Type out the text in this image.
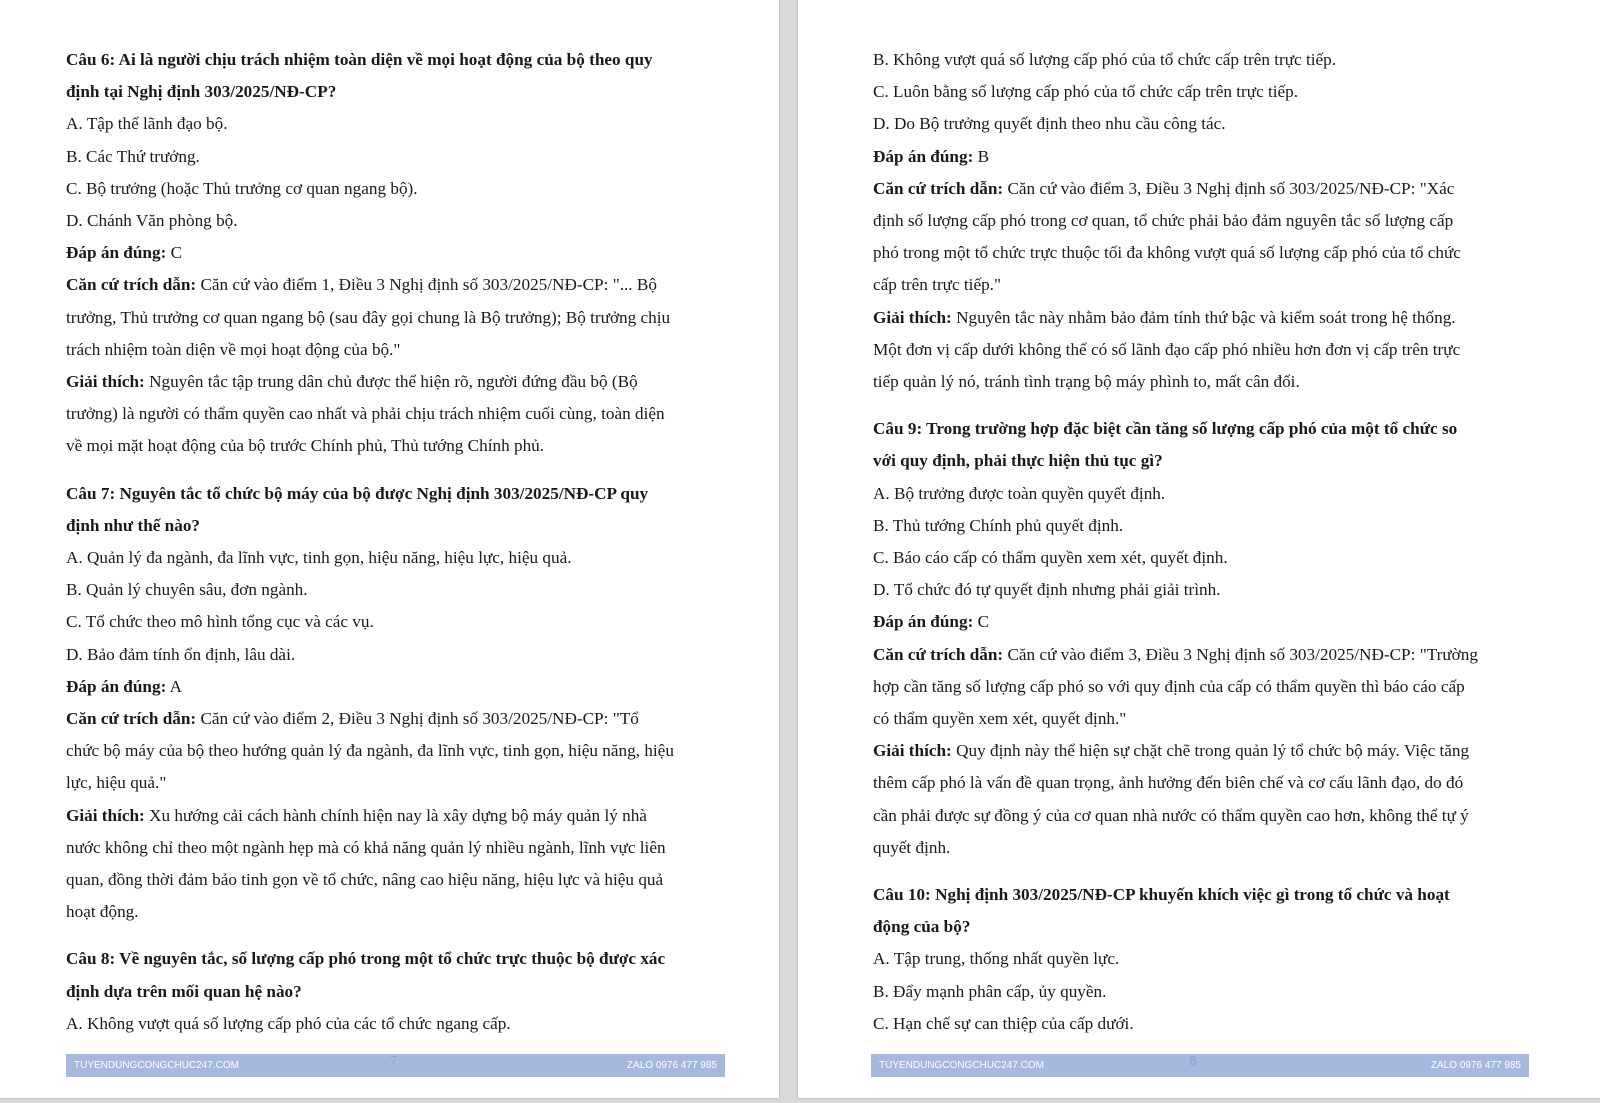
Câu 6: Ai là người chịu trách nhiệm toàn diện về mọi hoạt động của bộ theo quy
định tại Nghị định 303/2025/NĐ-CP?
A. Tập thể lãnh đạo bộ.
B. Các Thứ trưởng.
C. Bộ trưởng (hoặc Thủ trưởng cơ quan ngang bộ).
D. Chánh Văn phòng bộ.
Đáp án đúng: C
Căn cứ trích dẫn: Căn cứ vào điểm 1, Điều 3 Nghị định số 303/2025/NĐ-CP: "... Bộ
trưởng, Thủ trưởng cơ quan ngang bộ (sau đây gọi chung là Bộ trưởng); Bộ trưởng chịu
trách nhiệm toàn diện về mọi hoạt động của bộ."
Giải thích: Nguyên tắc tập trung dân chủ được thể hiện rõ, người đứng đầu bộ (Bộ
trưởng) là người có thẩm quyền cao nhất và phải chịu trách nhiệm cuối cùng, toàn diện
về mọi mặt hoạt động của bộ trước Chính phủ, Thủ tướng Chính phủ.
Câu 7: Nguyên tắc tổ chức bộ máy của bộ được Nghị định 303/2025/NĐ-CP quy
định như thế nào?
A. Quản lý đa ngành, đa lĩnh vực, tinh gọn, hiệu năng, hiệu lực, hiệu quả.
B. Quản lý chuyên sâu, đơn ngành.
C. Tổ chức theo mô hình tổng cục và các vụ.
D. Bảo đảm tính ổn định, lâu dài.
Đáp án đúng: A
Căn cứ trích dẫn: Căn cứ vào điểm 2, Điều 3 Nghị định số 303/2025/NĐ-CP: "Tổ
chức bộ máy của bộ theo hướng quản lý đa ngành, đa lĩnh vực, tinh gọn, hiệu năng, hiệu
lực, hiệu quả."
Giải thích: Xu hướng cải cách hành chính hiện nay là xây dựng bộ máy quản lý nhà
nước không chỉ theo một ngành hẹp mà có khả năng quản lý nhiều ngành, lĩnh vực liên
quan, đồng thời đảm bảo tinh gọn về tổ chức, nâng cao hiệu năng, hiệu lực và hiệu quả
hoạt động.
Câu 8: Về nguyên tắc, số lượng cấp phó trong một tổ chức trực thuộc bộ được xác
định dựa trên mối quan hệ nào?
A. Không vượt quá số lượng cấp phó của các tổ chức ngang cấp.
TUYENDUNGCONGCHUC247.COM	7	ZALO 0976 477 985
B. Không vượt quá số lượng cấp phó của tổ chức cấp trên trực tiếp.
C. Luôn bằng số lượng cấp phó của tổ chức cấp trên trực tiếp.
D. Do Bộ trưởng quyết định theo nhu cầu công tác.
Đáp án đúng: B
Căn cứ trích dẫn: Căn cứ vào điểm 3, Điều 3 Nghị định số 303/2025/NĐ-CP: "Xác
định số lượng cấp phó trong cơ quan, tổ chức phải bảo đảm nguyên tắc số lượng cấp
phó trong một tổ chức trực thuộc tối đa không vượt quá số lượng cấp phó của tổ chức
cấp trên trực tiếp."
Giải thích: Nguyên tắc này nhằm bảo đảm tính thứ bậc và kiểm soát trong hệ thống.
Một đơn vị cấp dưới không thể có số lãnh đạo cấp phó nhiều hơn đơn vị cấp trên trực
tiếp quản lý nó, tránh tình trạng bộ máy phình to, mất cân đối.
Câu 9: Trong trường hợp đặc biệt cần tăng số lượng cấp phó của một tổ chức so
với quy định, phải thực hiện thủ tục gì?
A. Bộ trưởng được toàn quyền quyết định.
B. Thủ tướng Chính phủ quyết định.
C. Báo cáo cấp có thẩm quyền xem xét, quyết định.
D. Tổ chức đó tự quyết định nhưng phải giải trình.
Đáp án đúng: C
Căn cứ trích dẫn: Căn cứ vào điểm 3, Điều 3 Nghị định số 303/2025/NĐ-CP: "Trường
hợp cần tăng số lượng cấp phó so với quy định của cấp có thẩm quyền thì báo cáo cấp
có thẩm quyền xem xét, quyết định."
Giải thích: Quy định này thể hiện sự chặt chẽ trong quản lý tổ chức bộ máy. Việc tăng
thêm cấp phó là vấn đề quan trọng, ảnh hưởng đến biên chế và cơ cấu lãnh đạo, do đó
cần phải được sự đồng ý của cơ quan nhà nước có thẩm quyền cao hơn, không thể tự ý
quyết định.
Câu 10: Nghị định 303/2025/NĐ-CP khuyến khích việc gì trong tổ chức và hoạt
động của bộ?
A. Tập trung, thống nhất quyền lực.
B. Đẩy mạnh phân cấp, ủy quyền.
C. Hạn chế sự can thiệp của cấp dưới.
TUYENDUNGCONGCHUC247.COM	8	ZALO 0976 477 985
